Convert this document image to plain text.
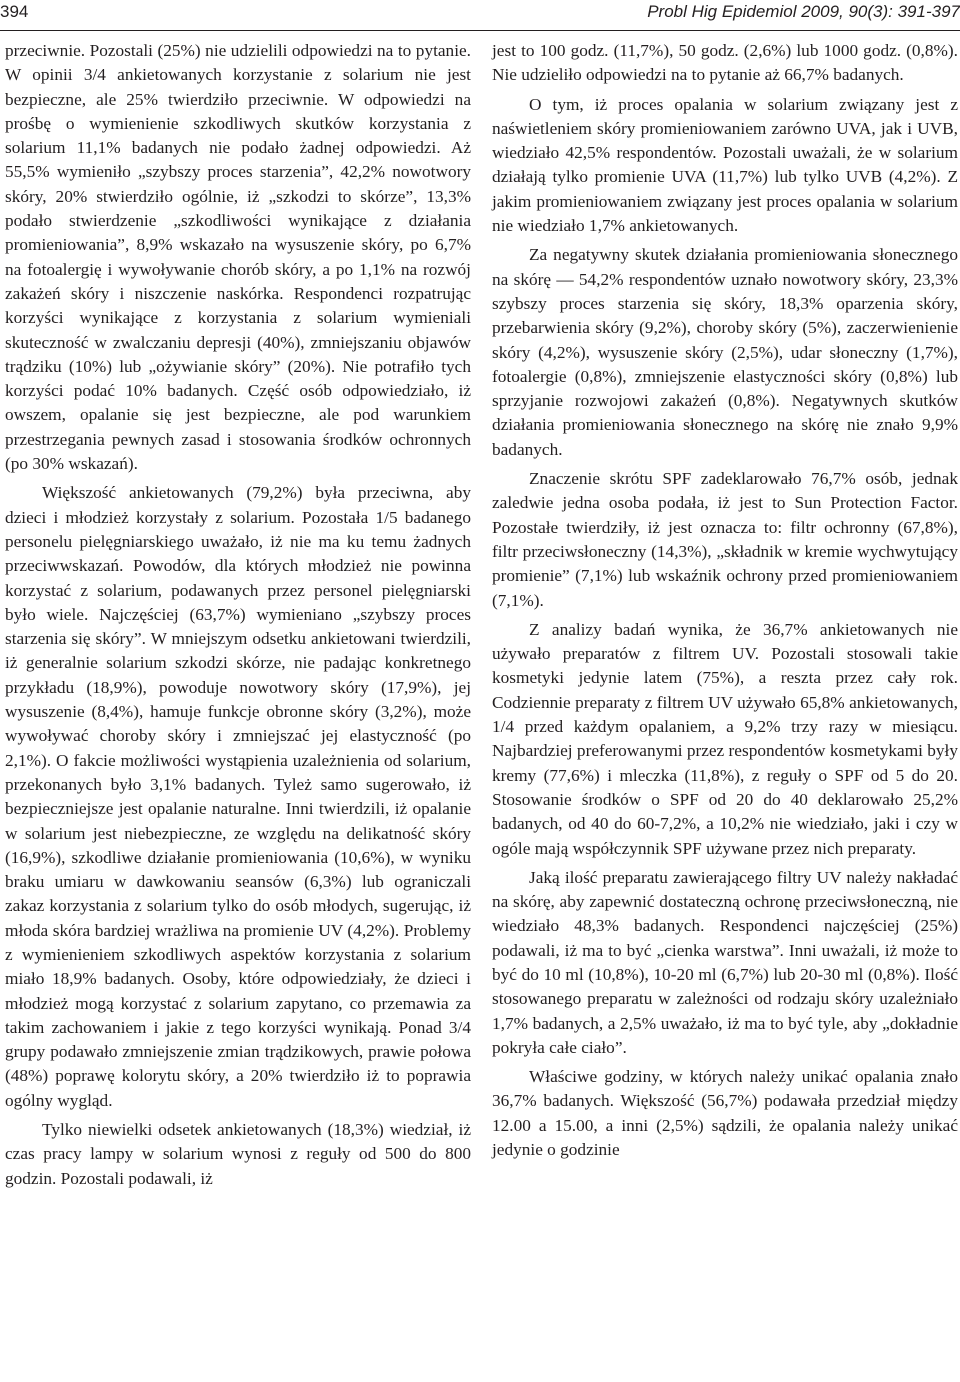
394	Probl Hig Epidemiol 2009, 90(3): 391-397

przeciwnie. Pozostali (25%) nie udzielili odpowiedzi na to pytanie. W opinii 3/4 ankietowanych korzystanie z solarium nie jest bezpieczne, ale 25% twierdziło przeciwnie. W odpowiedzi na prośbę o wymienienie szkodliwych skutków korzystania z solarium 11,1% badanych nie podało żadnej odpowiedzi. Aż 55,5% wymieniło „szybszy proces starzenia”, 42,2% nowotwory skóry, 20% stwierdziło ogólnie, iż „szkodzi to skórze”, 13,3% podało stwierdzenie „szkodliwości wynikające z działania promieniowania”, 8,9% wskazało na wysuszenie skóry, po 6,7% na fotoalergię i wywoływanie chorób skóry, a po 1,1% na rozwój zakażeń skóry i niszczenie naskórka. Respondenci rozpatrując korzyści wynikające z korzystania z solarium wymieniali skuteczność w zwalczaniu depresji (40%), zmniejszaniu objawów trądziku (10%) lub „ożywianie skóry” (20%). Nie potrafiło tych korzyści podać 10% badanych. Część osób odpowiedziało, iż owszem, opalanie się jest bezpieczne, ale pod warunkiem przestrzegania pewnych zasad i stosowania środków ochronnych (po 30% wskazań).

Większość ankietowanych (79,2%) była przeciwna, aby dzieci i młodzież korzystały z solarium. Pozostała 1/5 badanego personelu pielęgniarskiego uważało, iż nie ma ku temu żadnych przeciwwskazań. Powodów, dla których młodzież nie powinna korzystać z solarium, podawanych przez personel pielęgniarski było wiele. Najczęściej (63,7%) wymieniano „szybszy proces starzenia się skóry”. W mniejszym odsetku ankietowani twierdzili, iż generalnie solarium szkodzi skórze, nie padając konkretnego przykładu (18,9%), powoduje nowotwory skóry (17,9%), jej wysuszenie (8,4%), hamuje funkcje obronne skóry (3,2%), może wywoływać choroby skóry i zmniejszać jej elastyczność (po 2,1%). O fakcie możliwości wystąpienia uzależnienia od solarium, przekonanych było 3,1% badanych. Tyleż samo sugerowało, iż bezpieczniejsze jest opalanie naturalne. Inni twierdzili, iż opalanie w solarium jest niebezpieczne, ze względu na delikatność skóry (16,9%), szkodliwe działanie promieniowania (10,6%), w wyniku braku umiaru w dawkowaniu seansów (6,3%) lub ograniczali zakaz korzystania z solarium tylko do osób młodych, sugerując, iż młoda skóra bardziej wrażliwa na promienie UV (4,2%). Problemy z wymienieniem szkodliwych aspektów korzystania z solarium miało 18,9% badanych. Osoby, które odpowiedziały, że dzieci i młodzież mogą korzystać z solarium zapytano, co przemawia za takim zachowaniem i jakie z tego korzyści wynikają. Ponad 3/4 grupy podawało zmniejszenie zmian trądzikowych, prawie połowa (48%) poprawę kolorytu skóry, a 20% twierdziło iż to poprawia ogólny wygląd.

Tylko niewielki odsetek ankietowanych (18,3%) wiedział, iż czas pracy lampy w solarium wynosi z reguły od 500 do 800 godzin. Pozostali podawali, iż

jest to 100 godz. (11,7%), 50 godz. (2,6%) lub 1000 godz. (0,8%). Nie udzieliło odpowiedzi na to pytanie aż 66,7% badanych.

O tym, iż proces opalania w solarium związany jest z naświetleniem skóry promieniowaniem zarówno UVA, jak i UVB, wiedziało 42,5% respondentów. Pozostali uważali, że w solarium działają tylko promienie UVA (11,7%) lub tylko UVB (4,2%). Z jakim promieniowaniem związany jest proces opalania w solarium nie wiedziało 1,7% ankietowanych.

Za negatywny skutek działania promieniowania słonecznego na skórę — 54,2% respondentów uznało nowotwory skóry, 23,3% szybszy proces starzenia się skóry, 18,3% oparzenia skóry, przebarwienia skóry (9,2%), choroby skóry (5%), zaczerwienienie skóry (4,2%), wysuszenie skóry (2,5%), udar słoneczny (1,7%), fotoalergie (0,8%), zmniejszenie elastyczności skóry (0,8%) lub sprzyjanie rozwojowi zakażeń (0,8%). Negatywnych skutków działania promieniowania słonecznego na skórę nie znało 9,9% badanych.

Znaczenie skrótu SPF zadeklarowało 76,7% osób, jednak zaledwie jedna osoba podała, iż jest to Sun Protection Factor. Pozostałe twierdziły, iż jest oznacza to: filtr ochronny (67,8%), filtr przeciwsłoneczny (14,3%), „składnik w kremie wychwytujący promienie” (7,1%) lub wskaźnik ochrony przed promieniowaniem (7,1%).

Z analizy badań wynika, że 36,7% ankietowanych nie używało preparatów z filtrem UV. Pozostali stosowali takie kosmetyki jedynie latem (75%), a reszta przez cały rok. Codziennie preparaty z filtrem UV używało 65,8% ankietowanych, 1/4 przed każdym opalaniem, a 9,2% trzy razy w miesiącu. Najbardziej preferowanymi przez respondentów kosmetykami były kremy (77,6%) i mleczka (11,8%), z reguły o SPF od 5 do 20. Stosowanie środków o SPF od 20 do 40 deklarowało 25,2% badanych, od 40 do 60-7,2%, a 10,2% nie wiedziało, jaki i czy w ogóle mają współczynnik SPF używane przez nich preparaty.

Jaką ilość preparatu zawierającego filtry UV należy nakładać na skórę, aby zapewnić dostateczną ochronę przeciwsłoneczną, nie wiedziało 48,3% badanych. Respondenci najczęściej (25%) podawali, iż ma to być „cienka warstwa”. Inni uważali, iż może to być do 10 ml (10,8%), 10-20 ml (6,7%) lub 20-30 ml (0,8%). Ilość stosowanego preparatu w zależności od rodzaju skóry uzależniało 1,7% badanych, a 2,5% uważało, iż ma to być tyle, aby „dokładnie pokryła całe ciało”.

Właściwe godziny, w których należy unikać opalania znało 36,7% badanych. Większość (56,7%) podawała przedział między 12.00 a 15.00, a inni (2,5%) sądzili, że opalania należy unikać jedynie o godzinie
